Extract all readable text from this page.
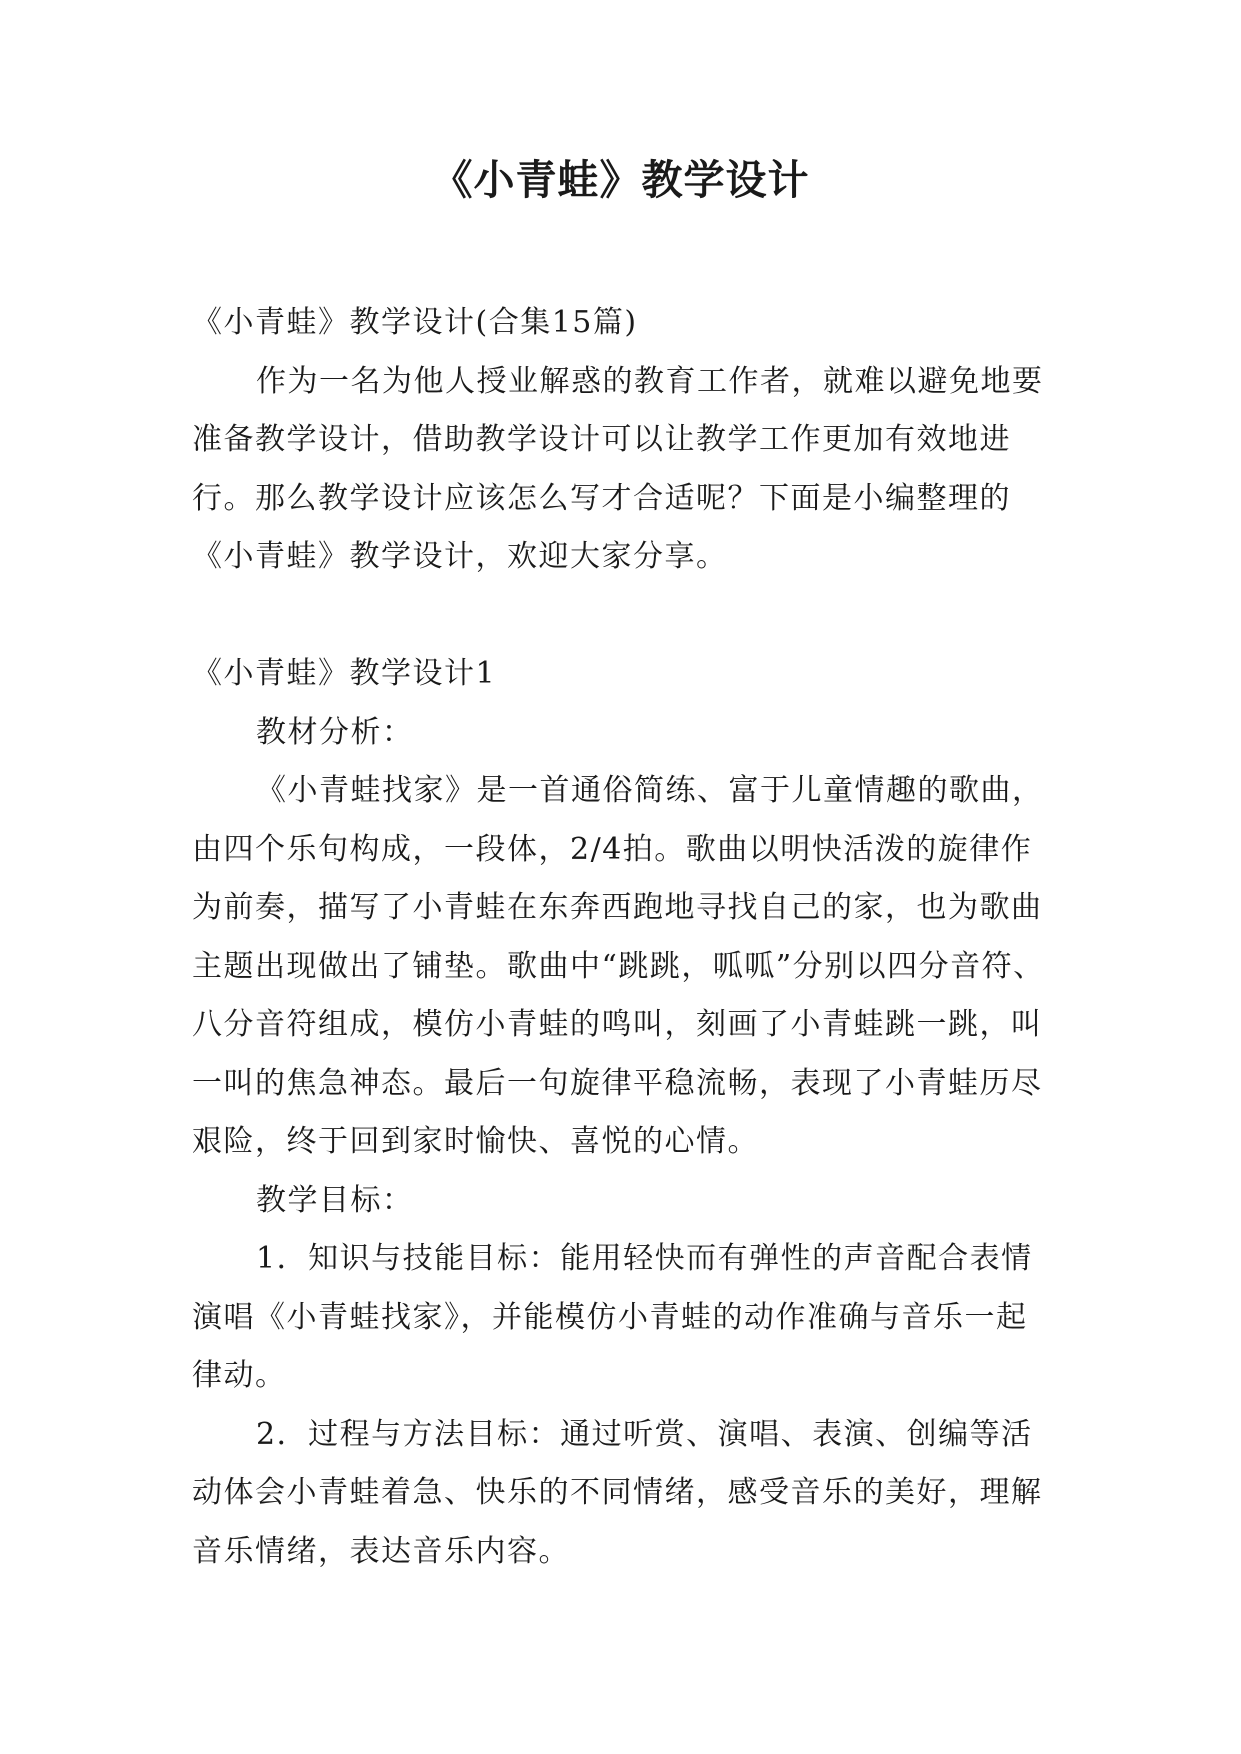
《小青蛙》教学设计

《小青蛙》教学设计(合集15篇)

作为一名为他人授业解惑的教育工作者，就难以避免地要准备教学设计，借助教学设计可以让教学工作更加有效地进行。那么教学设计应该怎么写才合适呢？下面是小编整理的《小青蛙》教学设计，欢迎大家分享。

《小青蛙》教学设计1

教材分析：

《小青蛙找家》是一首通俗简练、富于儿童情趣的歌曲，由四个乐句构成，一段体，2/4拍。歌曲以明快活泼的旋律作为前奏，描写了小青蛙在东奔西跑地寻找自己的家，也为歌曲主题出现做出了铺垫。歌曲中“跳跳，呱呱”分别以四分音符、八分音符组成，模仿小青蛙的鸣叫，刻画了小青蛙跳一跳，叫一叫的焦急神态。最后一句旋律平稳流畅，表现了小青蛙历尽艰险，终于回到家时愉快、喜悦的心情。

教学目标：

1．知识与技能目标：能用轻快而有弹性的声音配合表情演唱《小青蛙找家》，并能模仿小青蛙的动作准确与音乐一起律动。

2．过程与方法目标：通过听赏、演唱、表演、创编等活动体会小青蛙着急、快乐的不同情绪，感受音乐的美好，理解音乐情绪，表达音乐内容。
